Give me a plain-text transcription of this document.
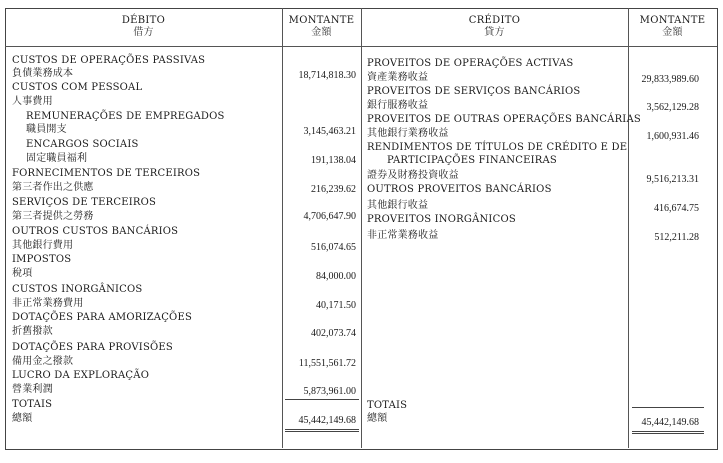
DÉBITO
借方
MONTANTE
金額
CRÉDITO
貸方
MONTANTE
金額
CUSTOS DE OPERAÇÕES PASSIVAS
負債業務成本	18,714,818.30
CUSTOS COM PESSOAL
人事費用
REMUNERAÇÕES DE EMPREGADOS
職員開支	3,145,463.21
ENCARGOS SOCIAIS
固定職員福利	191,138.04
FORNECIMENTOS DE TERCEIROS
第三者作出之供應	216,239.62
SERVIÇOS DE TERCEIROS
第三者提供之勞務	4,706,647.90
OUTROS CUSTOS BANCÁRIOS
其他銀行費用	516,074.65
IMPOSTOS
稅項	84,000.00
CUSTOS INORGÂNICOS
非正常業務費用	40,171.50
DOTAÇÕES PARA AMORIZAÇÕES
折舊撥款	402,073.74
DOTAÇÕES PARA PROVISÕES
備用金之撥款	11,551,561.72
LUCRO DA EXPLORAÇÃO
營業利潤	5,873,961.00
TOTAIS
總額	45,442,149.68
PROVEITOS DE OPERAÇÕES ACTIVAS
資產業務收益	29,833,989.60
PROVEITOS DE SERVIÇOS BANCÁRIOS
銀行服務收益	3,562,129.28
PROVEITOS DE OUTRAS OPERAÇÕES BANCÁRIAS
其他銀行業務收益	1,600,931.46
RENDIMENTOS DE TÍTULOS DE CRÉDITO E DE
PARTICIPAÇÕES FINANCEIRAS
證券及財務投資收益	9,516,213.31
OUTROS PROVEITOS BANCÁRIOS
其他銀行收益	416,674.75
PROVEITOS INORGÂNICOS
非正常業務收益	512,211.28
TOTAIS
總額	45,442,149.68
